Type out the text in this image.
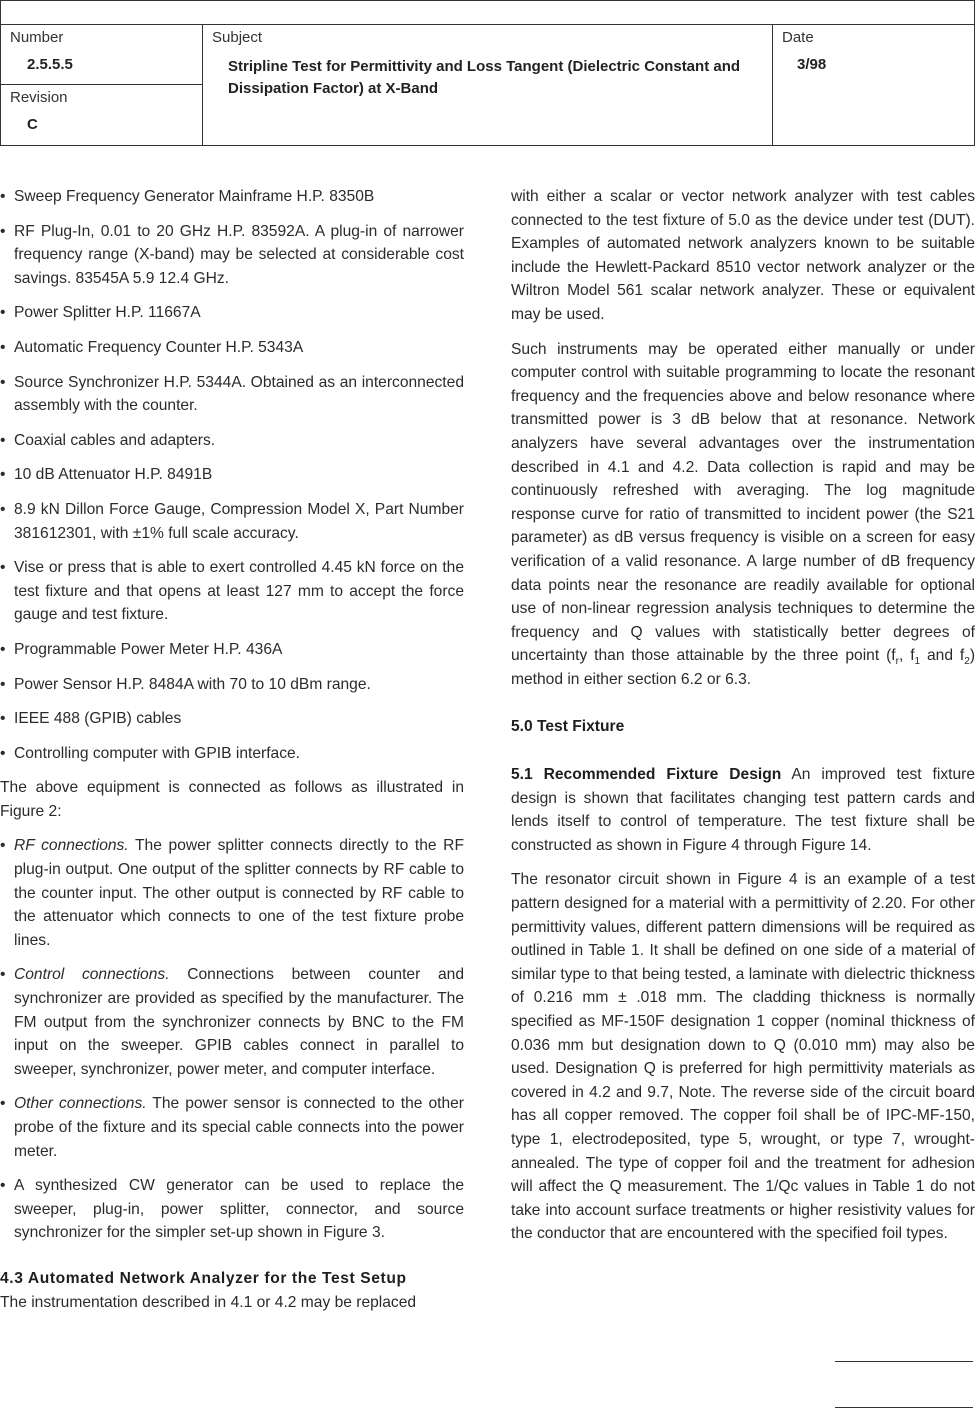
Number
2.5.5.5
Revision
C
Subject
Stripline Test for Permittivity and Loss Tangent (Dielectric Constant and Dissipation Factor) at X-Band
Date
3/98
• Sweep Frequency Generator Mainframe H.P. 8350B
• RF Plug-In, 0.01 to 20 GHz H.P. 83592A. A plug-in of narrower frequency range (X-band) may be selected at considerable cost savings. 83545A 5.9 12.4 GHz.
• Power Splitter H.P. 11667A
• Automatic Frequency Counter H.P. 5343A
• Source Synchronizer H.P. 5344A. Obtained as an interconnected assembly with the counter.
• Coaxial cables and adapters.
• 10 dB Attenuator H.P. 8491B
• 8.9 kN Dillon Force Gauge, Compression Model X, Part Number 381612301, with ±1% full scale accuracy.
• Vise or press that is able to exert controlled 4.45 kN force on the test fixture and that opens at least 127 mm to accept the force gauge and test fixture.
• Programmable Power Meter H.P. 436A
• Power Sensor H.P. 8484A with 70 to 10 dBm range.
• IEEE 488 (GPIB) cables
• Controlling computer with GPIB interface.

The above equipment is connected as follows as illustrated in Figure 2:

• RF connections. The power splitter connects directly to the RF plug-in output. One output of the splitter connects by RF cable to the counter input. The other output is connected by RF cable to the attenuator which connects to one of the test fixture probe lines.
• Control connections. Connections between counter and synchronizer are provided as specified by the manufacturer. The FM output from the synchronizer connects by BNC to the FM input on the sweeper. GPIB cables connect in parallel to sweeper, synchronizer, power meter, and computer interface.
• Other connections. The power sensor is connected to the other probe of the fixture and its special cable connects into the power meter.
• A synthesized CW generator can be used to replace the sweeper, plug-in, power splitter, connector, and source synchronizer for the simpler set-up shown in Figure 3.
4.3 Automated Network Analyzer for the Test Setup

The instrumentation described in 4.1 or 4.2 may be replaced

with either a scalar or vector network analyzer with test cables connected to the test fixture of 5.0 as the device under test (DUT). Examples of automated network analyzers known to be suitable include the Hewlett-Packard 8510 vector network analyzer or the Wiltron Model 561 scalar network analyzer. These or equivalent may be used.

Such instruments may be operated either manually or under computer control with suitable programming to locate the resonant frequency and the frequencies above and below resonance where transmitted power is 3 dB below that at resonance. Network analyzers have several advantages over the instrumentation described in 4.1 and 4.2. Data collection is rapid and may be continuously refreshed with averaging. The log magnitude response curve for ratio of transmitted to incident power (the S21 parameter) as dB versus frequency is visible on a screen for easy verification of a valid resonance. A large number of dB frequency data points near the resonance are readily available for optional use of non-linear regression analysis techniques to determine the frequency and Q values with statistically better degrees of uncertainty than those attainable by the three point ($f_r$, $f_1$ and $f_2$) method in either section 6.2 or 6.3.

5.0 Test Fixture

5.1 Recommended Fixture Design An improved test fixture design is shown that facilitates changing test pattern cards and lends itself to control of temperature. The test fixture shall be constructed as shown in Figure 4 through Figure 14.

The resonator circuit shown in Figure 4 is an example of a test pattern designed for a material with a permittivity of 2.20. For other permittivity values, different pattern dimensions will be required as outlined in Table 1. It shall be defined on one side of a material of similar type to that being tested, a laminate with dielectric thickness of 0.216 mm ± .018 mm. The cladding thickness is normally specified as MF-150F designation 1 copper (nominal thickness of 0.036 mm but designation down to Q (0.010 mm) may also be used. Designation Q is preferred for high permittivity materials as covered in 4.2 and 9.7, Note. The reverse side of the circuit board has all copper removed. The copper foil shall be of IPC-MF-150, type 1, electrodeposited, type 5, wrought, or type 7, wrought-annealed. The type of copper foil and the treatment for adhesion will affect the Q measurement. The 1/Qc values in Table 1 do not take into account surface treatments or higher resistivity values for the conductor that are encountered with the specified foil types.
